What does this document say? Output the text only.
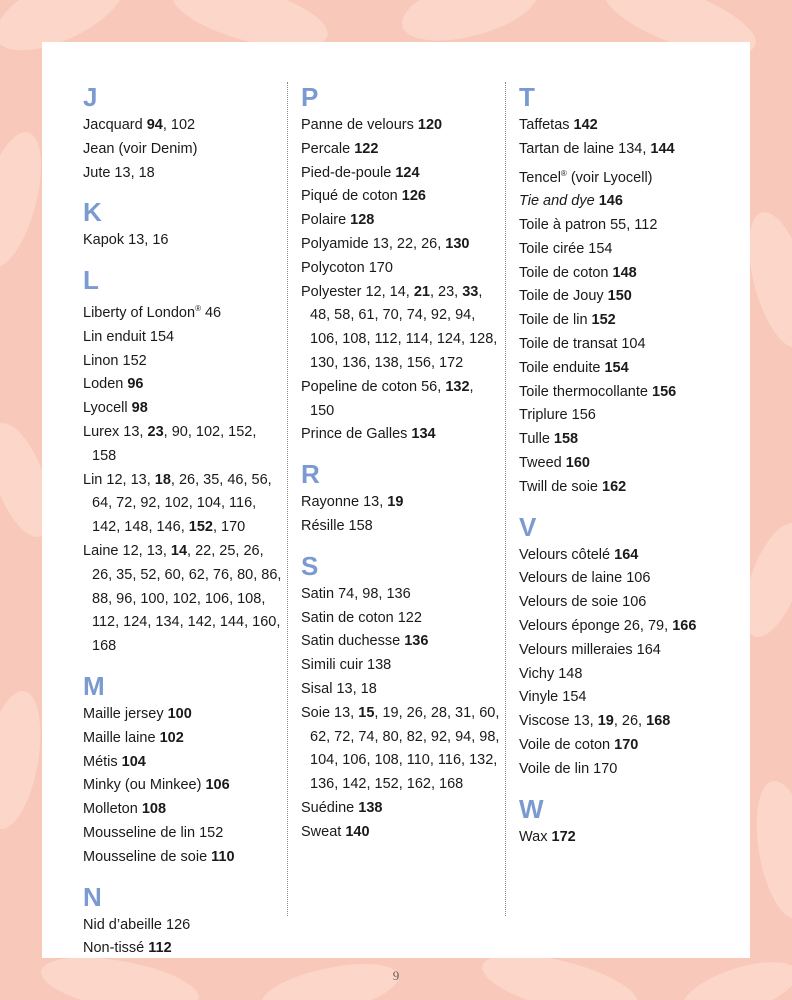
J
Jacquard 94, 102
Jean (voir Denim)
Jute 13, 18
K
Kapok 13, 16
L
Liberty of London® 46
Lin enduit 154
Linon 152
Loden 96
Lyocell 98
Lurex 13, 23, 90, 102, 152, 158
Lin 12, 13, 18, 26, 35, 46, 56, 64, 72, 92, 102, 104, 116, 142, 148, 146, 152, 170
Laine 12, 13, 14, 22, 25, 26, 26, 35, 52, 60, 62, 76, 80, 86, 88, 96, 100, 102, 106, 108, 112, 124, 134, 142, 144, 160, 168
M
Maille jersey 100
Maille laine 102
Métis 104
Minky (ou Minkee) 106
Molleton 108
Mousseline de lin 152
Mousseline de soie 110
N
Nid d’abeille 126
Non-tissé 112
P
Panne de velours 120
Percale 122
Pied-de-poule 124
Piqué de coton 126
Polaire 128
Polyamide 13, 22, 26, 130
Polycoton 170
Polyester 12, 14, 21, 23, 33, 48, 58, 61, 70, 74, 92, 94, 106, 108, 112, 114, 124, 128, 130, 136, 138, 156, 172
Popeline de coton 56, 132, 150
Prince de Galles 134
R
Rayonne 13, 19
Résille 158
S
Satin 74, 98, 136
Satin de coton 122
Satin duchesse 136
Simili cuir 138
Sisal 13, 18
Soie 13, 15, 19, 26, 28, 31, 60, 62, 72, 74, 80, 82, 92, 94, 98, 104, 106, 108, 110, 116, 132, 136, 142, 152, 162, 168
Suédine 138
Sweat 140
T
Taffetas 142
Tartan de laine 134, 144
Tencel® (voir Lyocell)
Tie and dye 146
Toile à patron 55, 112
Toile cirée 154
Toile de coton 148
Toile de Jouy 150
Toile de lin 152
Toile de transat 104
Toile enduite 154
Toile thermocollante 156
Triplure 156
Tulle 158
Tweed 160
Twill de soie 162
V
Velours côtelé 164
Velours de laine 106
Velours de soie 106
Velours éponge 26, 79, 166
Velours milleraies 164
Vichy 148
Vinyle 154
Viscose 13, 19, 26, 168
Voile de coton 170
Voile de lin 170
W
Wax 172
9
